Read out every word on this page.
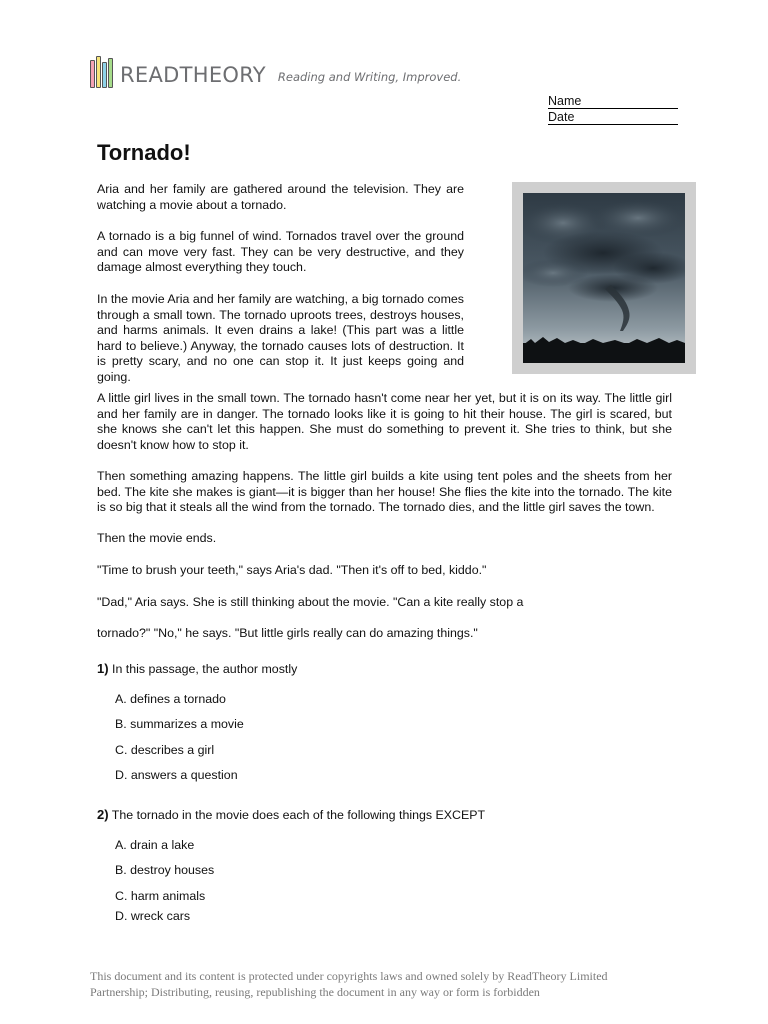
READTHEORY Reading and Writing, Improved.
Name
Date
Tornado!

Aria and her family are gathered around the television. They are watching a movie about a tornado.

A tornado is a big funnel of wind. Tornados travel over the ground and can move very fast. They can be very destructive, and they damage almost everything they touch.

In the movie Aria and her family are watching, a big tornado comes through a small town. The tornado uproots trees, destroys houses, and harms animals. It even drains a lake! (This part was a little hard to believe.) Anyway, the tornado causes lots of destruction. It is pretty scary, and no one can stop it. It just keeps going and going.

A little girl lives in the small town. The tornado hasn't come near her yet, but it is on its way. The little girl and her family are in danger. The tornado looks like it is going to hit their house. The girl is scared, but she knows she can't let this happen. She must do something to prevent it. She tries to think, but she doesn't know how to stop it.

Then something amazing happens. The little girl builds a kite using tent poles and the sheets from her bed. The kite she makes is giant—it is bigger than her house! She flies the kite into the tornado. The kite is so big that it steals all the wind from the tornado. The tornado dies, and the little girl saves the town.

Then the movie ends.

"Time to brush your teeth," says Aria's dad. "Then it's off to bed, kiddo."

"Dad," Aria says. She is still thinking about the movie. "Can a kite really stop a

tornado?" "No," he says. "But little girls really can do amazing things."

1) In this passage, the author mostly
A. defines a tornado
B. summarizes a movie
C. describes a girl
D. answers a question
2) The tornado in the movie does each of the following things EXCEPT
A. drain a lake
B. destroy houses
C. harm animals
D. wreck cars
This document and its content is protected under copyrights laws and owned solely by ReadTheory Limited
Partnership; Distributing, reusing, republishing the document in any way or form is forbidden
